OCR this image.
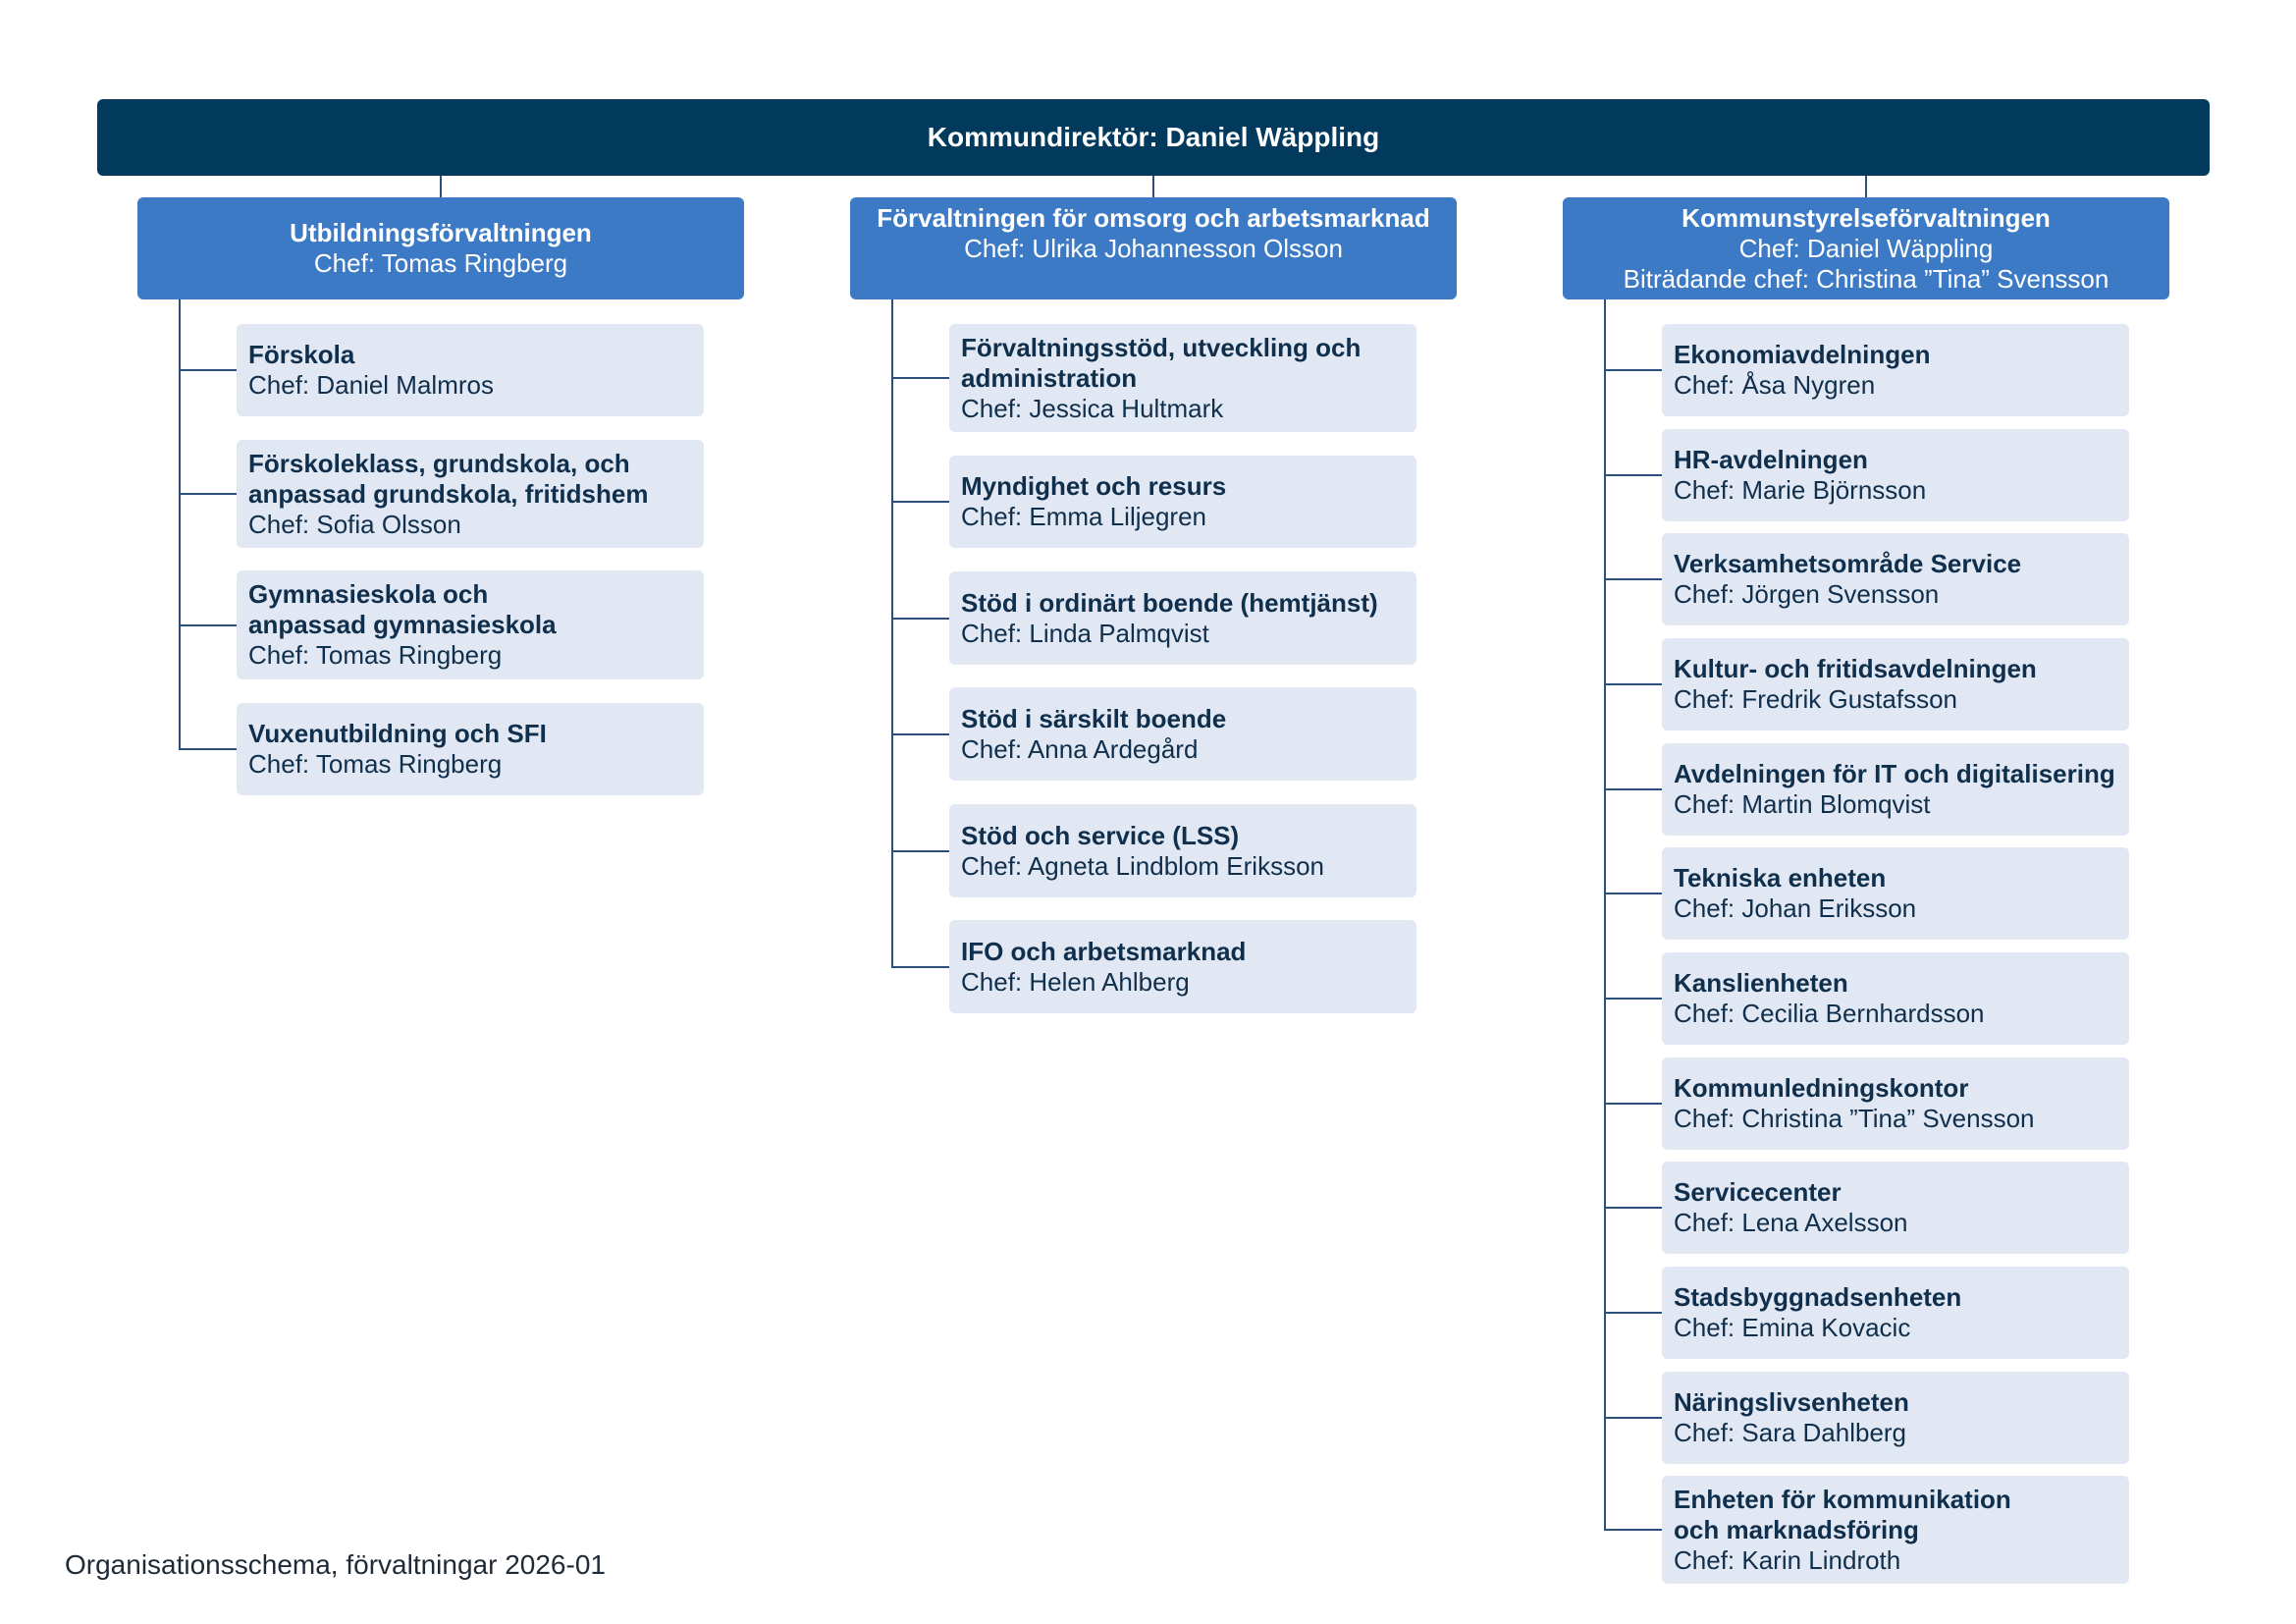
Kommundirektör: Daniel Wäppling
Utbildningsförvaltningen
Chef: Tomas Ringberg
Förskola
Chef: Daniel Malmros
Förskoleklass, grundskola, och
anpassad grundskola, fritidshem
Chef: Sofia Olsson
Gymnasieskola och
anpassad gymnasieskola
Chef: Tomas Ringberg
Vuxenutbildning och SFI
Chef: Tomas Ringberg
Förvaltningen för omsorg och arbetsmarknad
Chef: Ulrika Johannesson Olsson
Förvaltningsstöd, utveckling och
administration
Chef: Jessica Hultmark
Myndighet och resurs
Chef: Emma Liljegren
Stöd i ordinärt boende (hemtjänst)
Chef: Linda Palmqvist
Stöd i särskilt boende
Chef: Anna Ardegård
Stöd och service (LSS)
Chef: Agneta Lindblom Eriksson
IFO och arbetsmarknad
Chef: Helen Ahlberg
Kommunstyrelseförvaltningen
Chef: Daniel Wäppling
Biträdande chef: Christina ”Tina” Svensson
Ekonomiavdelningen
Chef: Åsa Nygren
HR-avdelningen
Chef: Marie Björnsson
Verksamhetsområde Service
Chef: Jörgen Svensson
Kultur- och fritidsavdelningen
Chef: Fredrik Gustafsson
Avdelningen för IT och digitalisering
Chef: Martin Blomqvist
Tekniska enheten
Chef: Johan Eriksson
Kanslienheten
Chef: Cecilia Bernhardsson
Kommunledningskontor
Chef: Christina ”Tina” Svensson
Servicecenter
Chef: Lena Axelsson
Stadsbyggnadsenheten
Chef: Emina Kovacic
Näringslivsenheten
Chef: Sara Dahlberg
Enheten för kommunikation
och marknadsföring
Chef: Karin Lindroth
Organisationsschema, förvaltningar 2026-01
